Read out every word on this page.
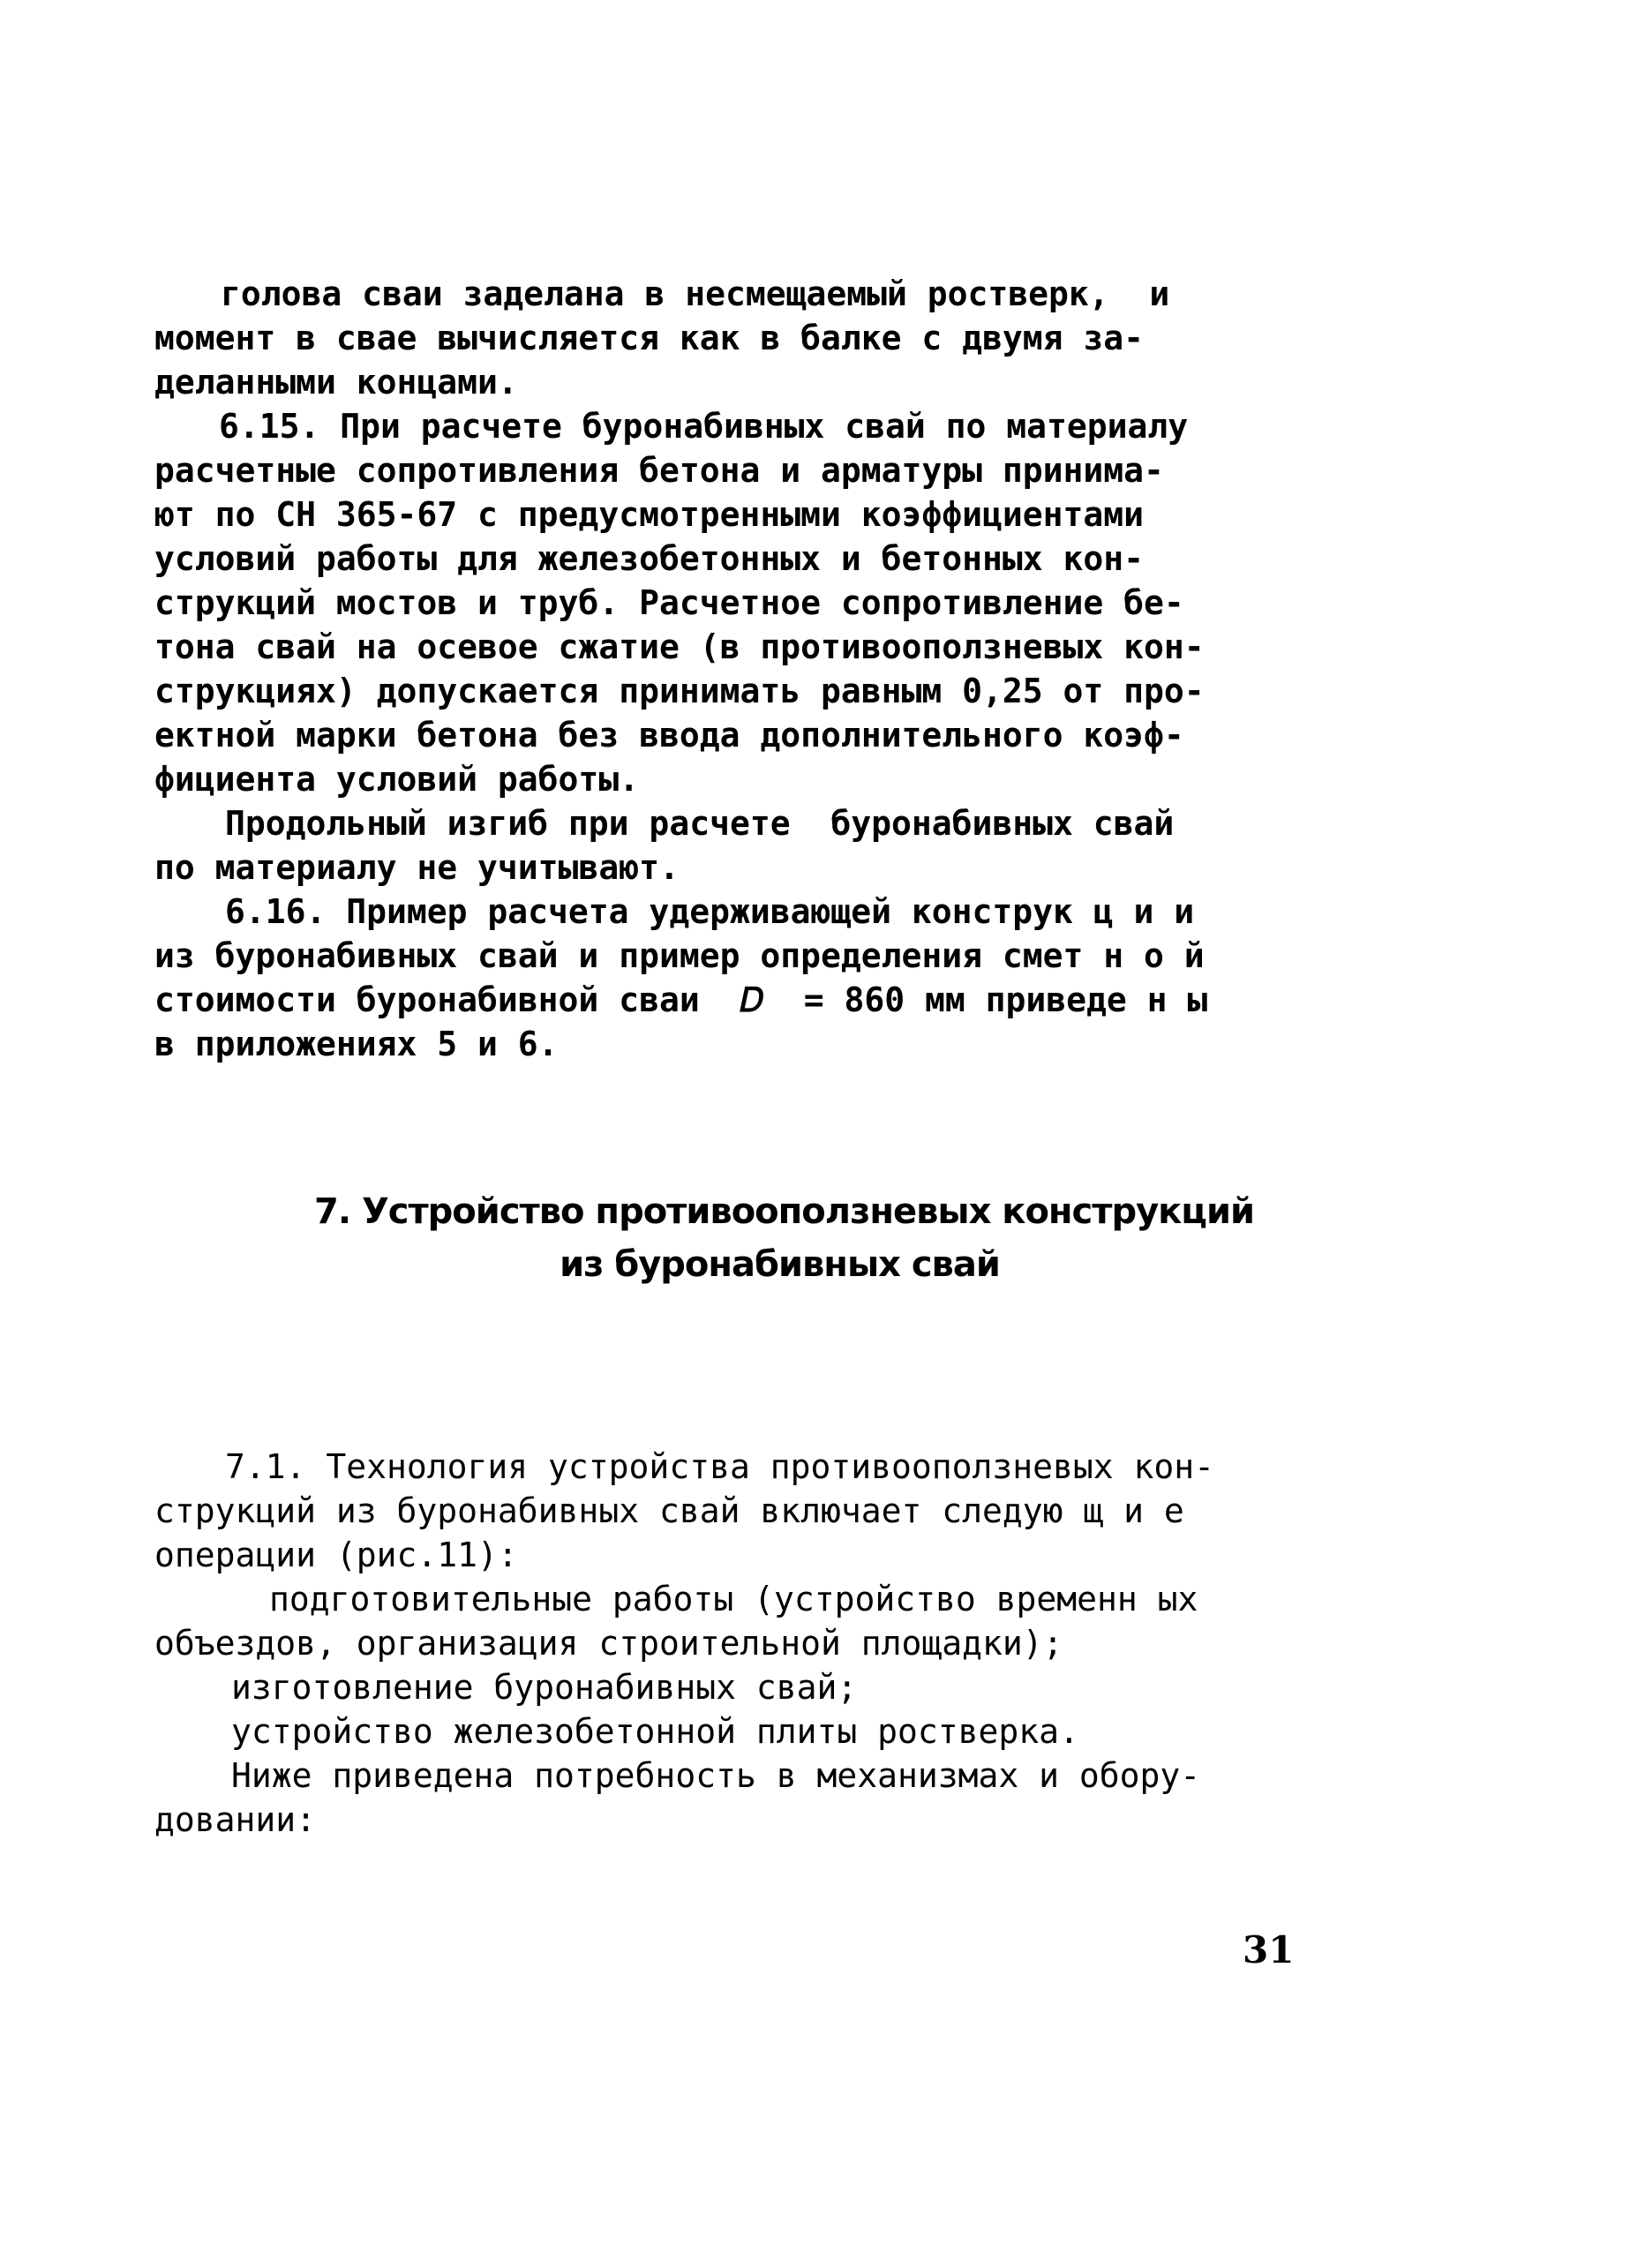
голова сваи заделана в несмещаемый ростверк,  и
момент в свае вычисляется как в балке с двумя за-
деланными концами.
6.15. При расчете буронабивных свай по материалу
расчетные сопротивления бетона и арматуры принима-
ют по СН 365-67 с предусмотренными коэффициентами
условий работы для железобетонных и бетонных кон-
струкций мостов и труб. Расчетное сопротивление бе-
тона свай на осевое сжатие (в противооползневых кон-
струкциях) допускается принимать равным 0,25 от про-
ектной марки бетона без ввода дополнительного коэф-
фициента условий работы.
Продольный изгиб при расчете  буронабивных свай
по материалу не учитывают.
6.16. Пример расчета удерживающей конструк ц и и
из буронабивных свай и пример определения смет н о й
стоимости буронабивной сваи  𝐷  = 860 мм приведе н ы
в приложениях 5 и 6.
7. Устройство противооползневых конструкций
из буронабивных свай
7.1. Технология устройства противооползневых кон-
струкций из буронабивных свай включает следую щ и е
операции (рис.11):
подготовительные работы (устройство временн ых
объездов, организация строительной площадки);
изготовление буронабивных свай;
устройство железобетонной плиты ростверка.
Ниже приведена потребность в механизмах и обору-
довании:
31
